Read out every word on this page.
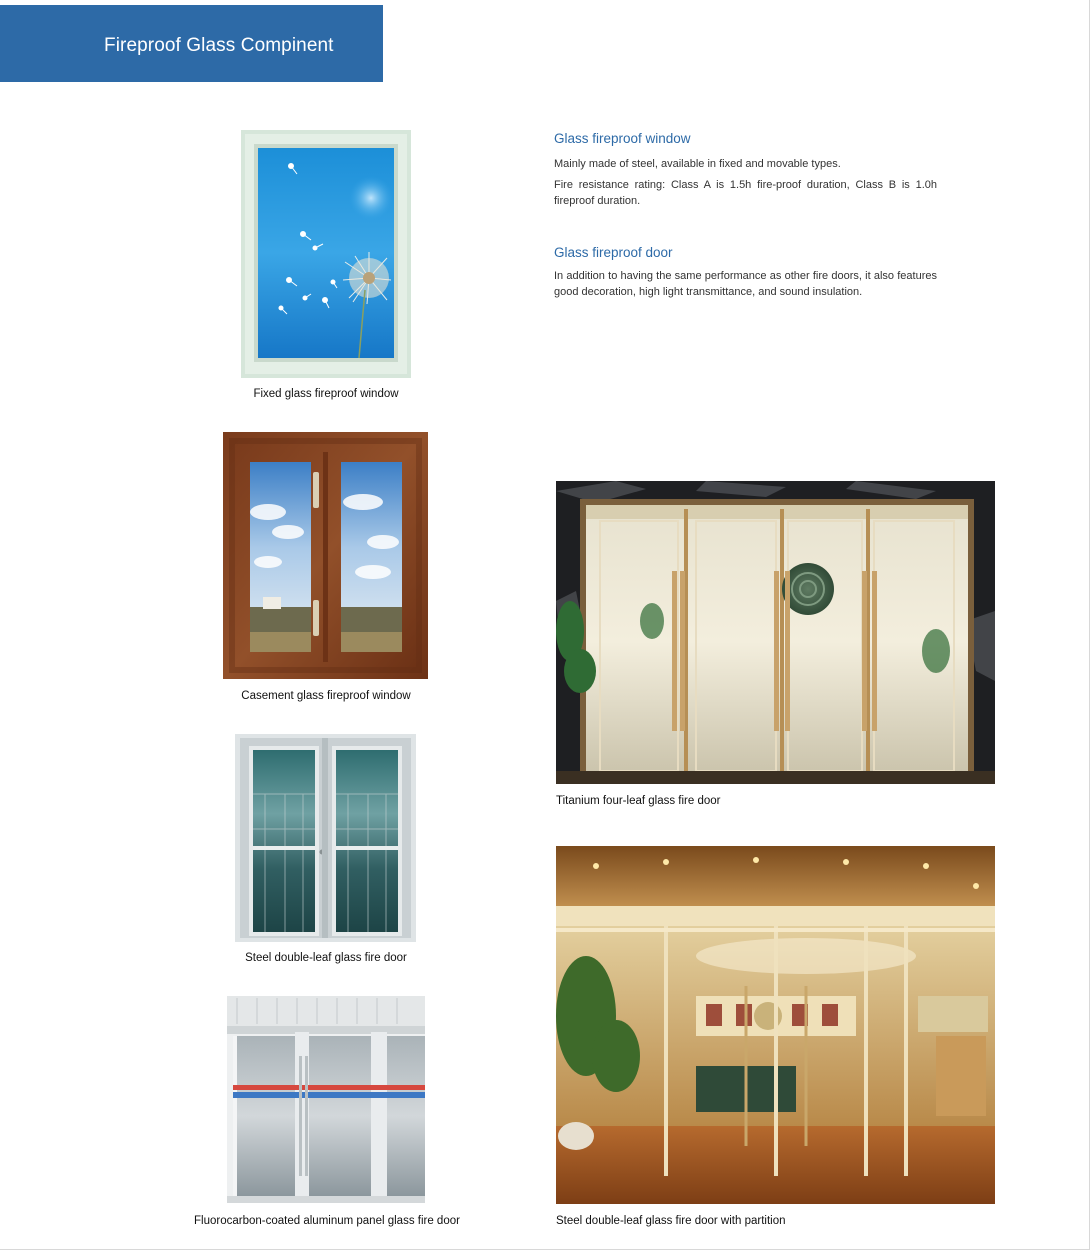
Fireproof Glass Compinent
Glass fireproof window
Mainly made of steel, available in fixed and movable types.
Fire resistance rating: Class A is 1.5h fire-proof duration, Class B is 1.0h fireproof duration.
Glass fireproof door
In addition to having the same performance as other fire doors, it also features good decoration, high light transmittance, and sound insulation.
Fixed glass fireproof window
Casement glass fireproof window
Steel double-leaf glass fire door
Fluorocarbon-coated aluminum panel glass fire door
Titanium four-leaf glass fire door
Steel double-leaf glass fire door with partition
